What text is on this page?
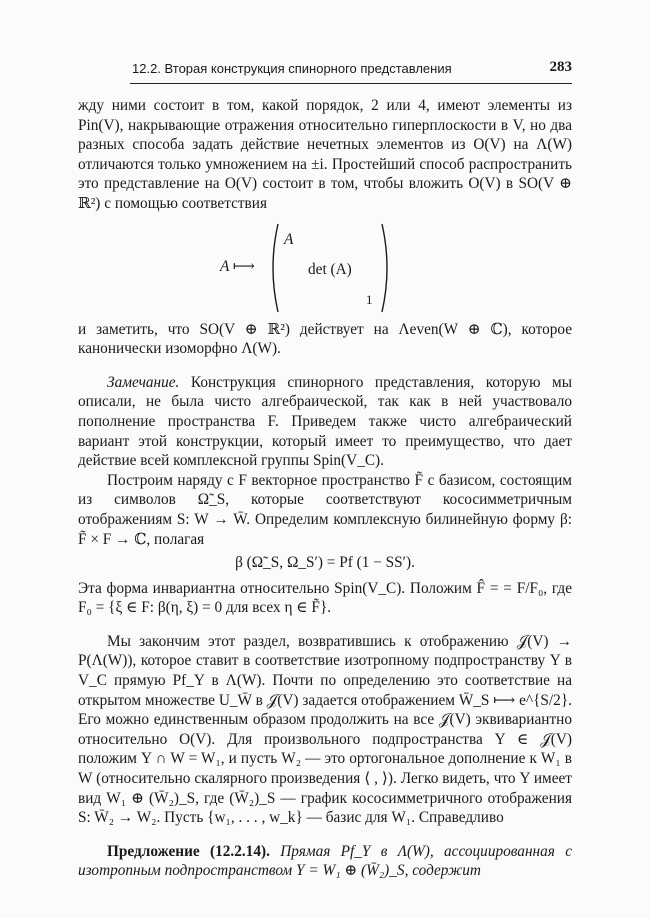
12.2. Вторая конструкция спинорного представления	283

жду ними состоит в том, какой порядок, 2 или 4, имеют элементы из Pin(V), накрывающие отражения относительно гиперплоскости в V, но два разных способа задать действие нечетных элементов из O(V) на Λ(W) отличаются только умножением на ±i. Простейший способ распространить это представление на O(V) состоит в том, чтобы вложить O(V) в SO(V ⊕ ℝ²) с помощью соответствия

A ⟼
A
det (A)
1

и заметить, что SO(V ⊕ ℝ²) действует на Λeven(W ⊕ ℂ), которое канонически изоморфно Λ(W).

Замечание. Конструкция спинорного представления, которую мы описали, не была чисто алгебраической, так как в ней участвовало пополнение пространства F. Приведем также чисто алгебраический вариант этой конструкции, который имеет то преимущество, что дает действие всей комплексной группы Spin(V_C).

Построим наряду с F векторное пространство F̃ с базисом, состоящим из символов Ω̃_S, которые соответствуют кососимметричным отображениям S: W → W̄. Определим комплексную билинейную форму β: F̃ × F → ℂ, полагая

β (Ω̃_S, Ω_S′) = Pf (1 − SS′).

Эта форма инвариантна относительно Spin(V_C). Положим F̂ = = F/F₀, где F₀ = {ξ ∈ F: β(η, ξ) = 0 для всех η ∈ F̃}.

Мы закончим этот раздел, возвратившись к отображению 𝒥(V) → P(Λ(W)), которое ставит в соответствие изотропному подпространству Y в V_C прямую Pf_Y в Λ(W). Почти по определению это соответствие на открытом множестве U_W̄ в 𝒥(V) задается отображением W̄_S ⟼ e^{S/2}. Его можно единственным образом продолжить на все 𝒥(V) эквивариантно относительно O(V). Для произвольного подпространства Y ∈ 𝒥(V) положим Y ∩ W = W₁, и пусть W₂ — это ортогональное дополнение к W₁ в W (относительно скалярного произведения ⟨ , ⟩). Легко видеть, что Y имеет вид W₁ ⊕ (W̄₂)_S, где (W̄₂)_S — график кососимметричного отображения S: W̄₂ → W₂. Пусть {w₁, . . . , w_k} — базис для W₁. Справедливо

Предложение (12.2.14). Прямая Pf_Y в Λ(W), ассоциированная с изотропным подпространством Y = W₁ ⊕ (W̄₂)_S, содержит
